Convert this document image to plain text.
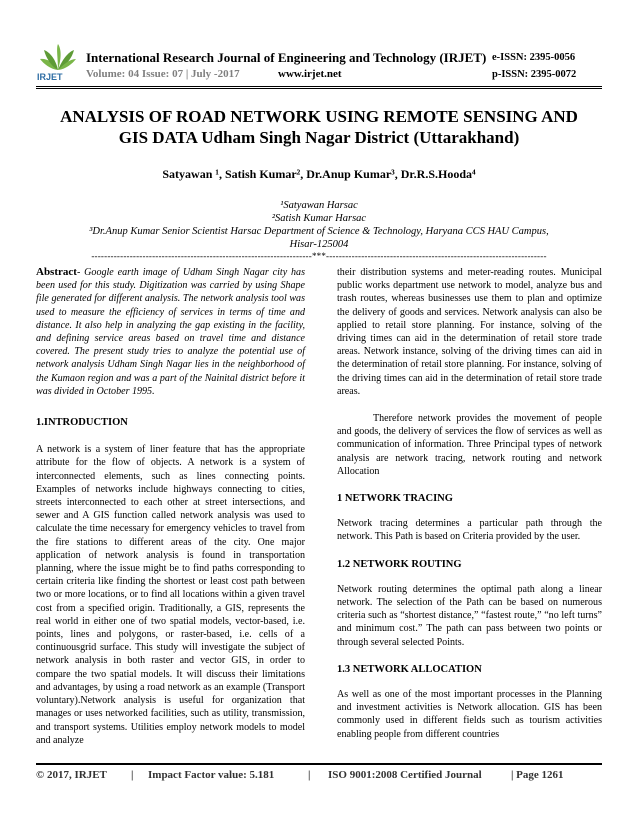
IRJET
International Research Journal of Engineering and Technology (IRJET) e-ISSN: 2395-0056
Volume: 04 Issue: 07 | July -2017	www.irjet.net	p-ISSN: 2395-0072
ANALYSIS OF ROAD NETWORK USING REMOTE SENSING AND
GIS DATA Udham Singh Nagar District (Uttarakhand)
Satyawan ¹, Satish Kumar², Dr.Anup Kumar³, Dr.R.S.Hooda⁴
¹Satyawan Harsac
²Satish Kumar Harsac
³Dr.Anup Kumar Senior Scientist Harsac Department of Science & Technology, Haryana CCS HAU Campus,
Hisar-125004
---------------------------------------------------------------------***---------------------------------------------------------------------

Abstract- Google earth image of Udham Singh Nagar city has been used for this study. Digitization was carried by using Shape file generated for different analysis. The network analysis tool was used to measure the efficiency of services in terms of time and distance. It also help in analyzing the gap existing in the facility, and defining service areas based on travel time and distance covered. The present study tries to analyze the potential use of network analysis Udham Singh Nagar lies in the neighborhood of the Kumaon region and was a part of the Nainital district before it was divided in October 1995.

1.INTRODUCTION

A network is a system of liner feature that has the appropriate attribute for the flow of objects. A network is a system of interconnected elements, such as lines connecting points. Examples of networks include highways connecting to cities, streets interconnected to each other at street intersections, and sewer and A GIS function called network analysis was used to calculate the time necessary for emergency vehicles to travel from the fire stations to different areas of the city. One major application of network analysis is found in transportation planning, where the issue might be to find paths corresponding to certain criteria like finding the shortest or least cost path between two or more locations, or to find all locations within a given travel cost from a specified origin. Traditionally, a GIS, represents the real world in either one of two spatial models, vector-based, i.e. points, lines and polygons, or raster-based, i.e. cells of a continuousgrid surface. This study will investigate the subject of network analysis in both raster and vector GIS, in order to compare the two spatial models. It will discuss their limitations and advantages, by using a road network as an example (Transport voluntary).Network analysis is useful for organization that manages or uses networked facilities, such as utility, transmission, and transport systems. Utilities employ network models to model and analyze

their distribution systems and meter-reading routes. Municipal public works department use network to model, analyze bus and trash routes, whereas businesses use them to plan and optimize the delivery of goods and services. Network analysis can also be applied to retail store planning. For instance, solving of the driving times can aid in the determination of retail store trade areas. Network instance, solving of the driving times can aid in the determination of retail store planning. For instance, solving of the driving times can aid in the determination of retail store trade areas.

Therefore network provides the movement of people and goods, the delivery of services the flow of services as well as communication of information. Three Principal types of network analysis are network tracing, network routing and network Allocation

1 NETWORK TRACING

Network tracing determines a particular path through the network. This Path is based on Criteria provided by the user.

1.2 NETWORK ROUTING

Network routing determines the optimal path along a linear network. The selection of the Path can be based on numerous criteria such as “shortest distance,” “fastest route,” “no left turns” and minimum cost.” The path can pass between two points or through several selected Points.

1.3 NETWORK ALLOCATION

As well as one of the most important processes in the Planning and investment activities is Network allocation. GIS has been commonly used in different fields such as tourism activities enabling people from different countries

© 2017, IRJET | Impact Factor value: 5.181	| ISO 9001:2008 Certified Journal	| Page 1261
